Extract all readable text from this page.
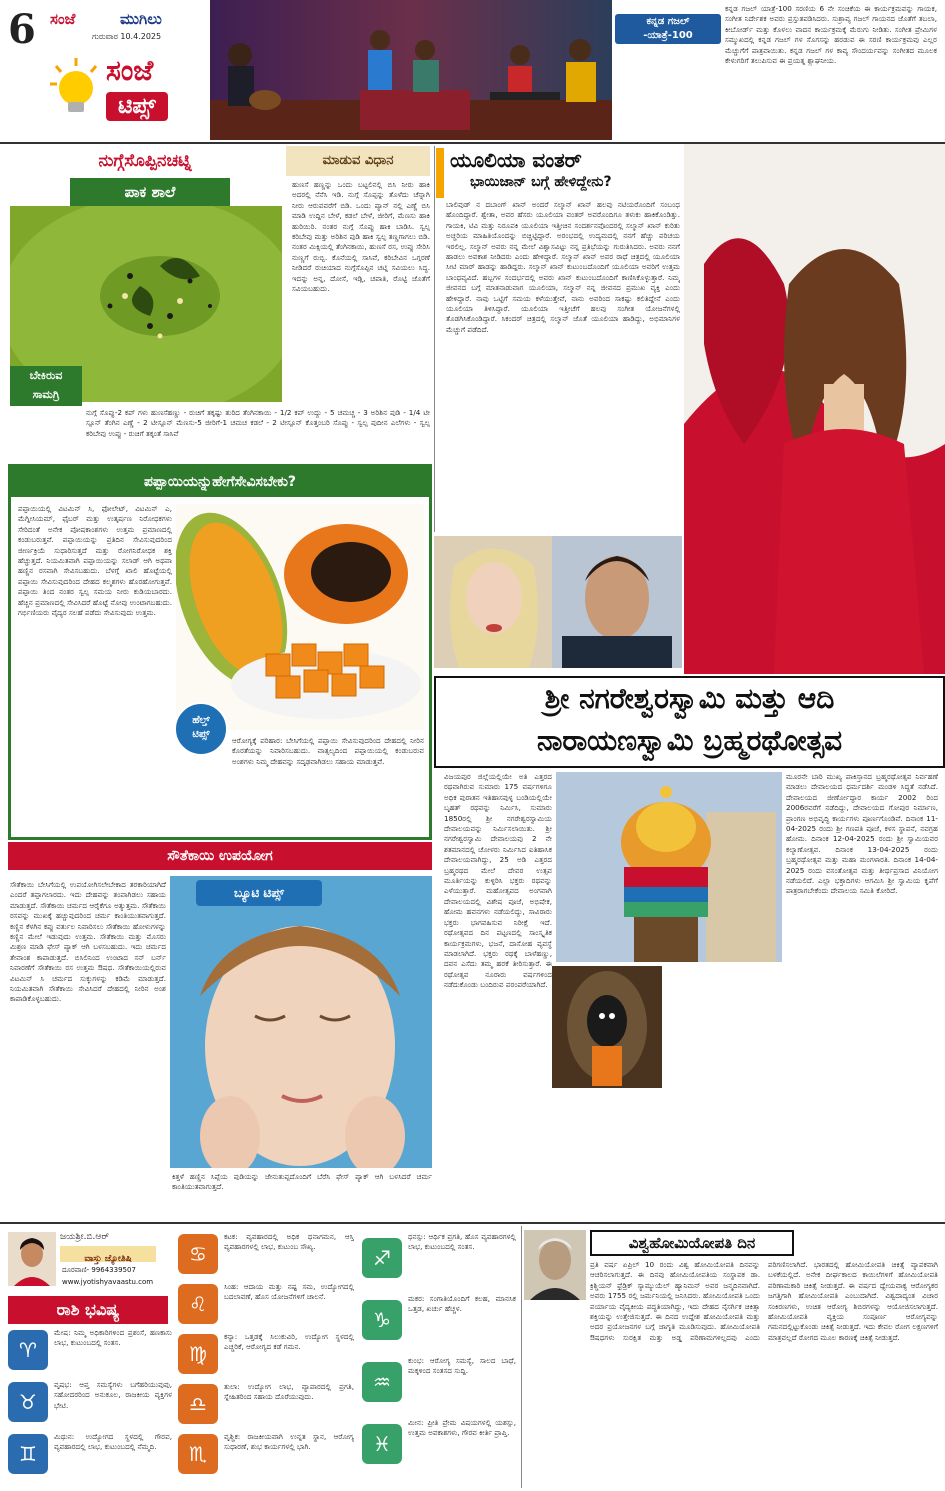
6 ಸಂಜೆ	ಮುಗಿಲು
ಗುರುವಾರ 10.4.2025
ಸಂಜೆ
ಟಿಪ್ಸ್
ಕನ್ನಡ ಗಜಲ್
-ಯಾತ್ರೆ-100
ಕನ್ನಡ ಗಜಲ್ ಯಾತ್ರೆ-100 ಸರಣಿಯ 6 ನೇ ಸಂಚಿಕೆಯ ಈ ಕಾರ್ಯಕ್ರಮವನ್ನು ಗಾಯಕ, ಸಂಗೀತ ನಿರ್ದೇಶಕ ಅವರು ಪ್ರಸ್ತುತಪಡಿಸಿದರು. ಸುಶ್ರಾವ್ಯ ಗಜಲ್ ಗಾಯನದ ಜೊತೆಗೆ ತಬಲಾ, ಕೀಬೋರ್ಡ್ ಮತ್ತು ಕೊಳಲು ವಾದನ ಕಾರ್ಯಕ್ರಮಕ್ಕೆ ಮೆರುಗು ನೀಡಿತು. ಸಂಗೀತ ಪ್ರೇಮಿಗಳ ಸಮ್ಮುಖದಲ್ಲಿ ಕನ್ನಡ ಗಜಲ್ ಗಳ ಸೊಗಸನ್ನು ಹರಡುವ ಈ ಸರಣಿ ಕಾರ್ಯಕ್ರಮವು ಎಲ್ಲರ ಮೆಚ್ಚುಗೆಗೆ ಪಾತ್ರವಾಯಿತು. ಕನ್ನಡ ಗಜಲ್ ಗಳ ಕಾವ್ಯ ಸೌಂದರ್ಯವನ್ನು ಸಂಗೀತದ ಮೂಲಕ ಕೇಳುಗರಿಗೆ ತಲುಪಿಸುವ ಈ ಪ್ರಯತ್ನ ಶ್ಲಾಘನೀಯ.
ನುಗ್ಗೆಸೊಪ್ಪಿನಚಟ್ನಿ
ಪಾಕ ಶಾಲೆ
ಬೇಕಿರುವ
ಸಾಮಗ್ರಿ
ನುಗ್ಗೆ ಸೊಪ್ಪು-2 ಕಪ್ ಗಳು ಹುಣಸೆಹಣ್ಣು - ರುಚಿಗೆ ತಕ್ಕಷ್ಟು ತುರಿದ ತೆಂಗಿನಕಾಯಿ - 1/2 ಕಪ್ ಉದ್ದು - 5 ಚಮಚ್ಚ - 3 ಅರಿಶಿನ ಪುಡಿ - 1/4 ಟೀ ಸ್ಪೂನ್ ತೆಂಗಿನ ಎಣ್ಣೆ - 2 ಟೀಸ್ಪೂನ್ ಮೆಣಸು-5 ಜೀರಿಗೆ-1 ಚಮಚ ಕಡಲೆ - 2 ಟೀಸ್ಪೂನ್ ಕೊತ್ತಂಬರಿ ಸೊಪ್ಪು - ಸ್ವಲ್ಪ ಪುದೀನ ಎಲೆಗಳು - ಸ್ವಲ್ಪ ಕರಿಬೇವು ಉಪ್ಪು - ರುಚಿಗೆ ತಕ್ಕಂತೆ ಸಾಸಿವೆ
ಮಾಡುವ ವಿಧಾನ
ಹುಣಸೆ ಹಣ್ಣನ್ನು ಒಂದು ಬಟ್ಟಲಿನಲ್ಲಿ ಬಿಸಿ ನೀರು ಹಾಕಿ ಅದರಲ್ಲಿ ನೆನೆಸಿ ಇಡಿ. ನುಗ್ಗೆ ಸೊಪ್ಪನ್ನು ತೊಳೆದು ಚೆನ್ನಾಗಿ ನೀರು ಆರುವವರೆಗೆ ಬಿಡಿ. ಒಂದು ಪ್ಯಾನ್ ನಲ್ಲಿ ಎಣ್ಣೆ ಬಿಸಿ ಮಾಡಿ ಉದ್ದಿನ ಬೇಳೆ, ಕಡಲೆ ಬೇಳೆ, ಜೀರಿಗೆ, ಮೆಣಸು ಹಾಕಿ ಹುರಿಯಿರಿ. ನಂತರ ನುಗ್ಗೆ ಸೊಪ್ಪು ಹಾಕಿ ಬಾಡಿಸಿ. ಸ್ವಲ್ಪ ಕರಿಬೇವು ಮತ್ತು ಅರಿಶಿನ ಪುಡಿ ಹಾಕಿ ಸ್ವಲ್ಪ ತಣ್ಣಗಾಗಲು ಬಿಡಿ. ನಂತರ ಮಿಕ್ಸಿಯಲ್ಲಿ ತೆಂಗಿನಕಾಯಿ, ಹುಣಸೆ ರಸ, ಉಪ್ಪು ಸೇರಿಸಿ ನುಣ್ಣಗೆ ರುಬ್ಬಿ. ಕೊನೆಯಲ್ಲಿ ಸಾಸಿವೆ, ಕರಿಬೇವಿನ ಒಗ್ಗರಣೆ ನೀಡಿದರೆ ರುಚಿಯಾದ ನುಗ್ಗೆಸೊಪ್ಪಿನ ಚಟ್ನಿ ಸವಿಯಲು ಸಿದ್ಧ. ಇದನ್ನು ಅನ್ನ, ದೋಸೆ, ಇಡ್ಲಿ, ಚಪಾತಿ, ರೊಟ್ಟಿ ಜೊತೆಗೆ ಸವಿಯಬಹುದು.
ಪಪ್ಪಾಯಿಯನ್ನುಹೇಗೆಸೇವಿಸಬೇಕು?
ಪಪ್ಪಾಯಿಯಲ್ಲಿ ವಿಟಮಿನ್ ಸಿ, ಫೋಲೇಟ್, ವಿಟಮಿನ್ ಎ, ಮೆಗ್ನೀಸಿಯಮ್, ಫೈಬರ್ ಮತ್ತು ಉತ್ಕರ್ಷಣ ನಿರೋಧಕಗಳು ಸೇರಿದಂತೆ ಅನೇಕ ಪೋಷಕಾಂಶಗಳು ಉತ್ತಮ ಪ್ರಮಾಣದಲ್ಲಿ ಕಂಡುಬರುತ್ತವೆ. ಪಪ್ಪಾಯಿಯನ್ನು ಪ್ರತಿದಿನ ಸೇವಿಸುವುದರಿಂದ ಜೀರ್ಣಕ್ರಿಯೆ ಸುಧಾರಿಸುತ್ತದೆ ಮತ್ತು ರೋಗನಿರೋಧಕ ಶಕ್ತಿ ಹೆಚ್ಚುತ್ತದೆ. ನಿಯಮಿತವಾಗಿ ಪಪ್ಪಾಯಿಯನ್ನು ಸಲಾಡ್ ಆಗಿ ಅಥವಾ ಹಣ್ಣಿನ ರಸವಾಗಿ ಸೇವಿಸಬಹುದು. ಬೆಳಗ್ಗೆ ಖಾಲಿ ಹೊಟ್ಟೆಯಲ್ಲಿ ಪಪ್ಪಾಯಿ ಸೇವಿಸುವುದರಿಂದ ದೇಹದ ಕಲ್ಮಶಗಳು ಹೊರಹೋಗುತ್ತವೆ. ಪಪ್ಪಾಯಿ ತಿಂದ ನಂತರ ಸ್ವಲ್ಪ ಸಮಯ ನೀರು ಕುಡಿಯಬಾರದು. ಹೆಚ್ಚಿನ ಪ್ರಮಾಣದಲ್ಲಿ ಸೇವಿಸಿದರೆ ಹೊಟ್ಟೆ ನೋವು ಉಂಟಾಗಬಹುದು. ಗರ್ಭಿಣಿಯರು ವೈದ್ಯರ ಸಲಹೆ ಪಡೆದು ಸೇವಿಸುವುದು ಉತ್ತಮ.
ಹೆಲ್ತ್
ಟಿಪ್ಸ್
ಆರೋಗ್ಯಕ್ಕೆ ಪರಿಹಾರ: ಬೇಸಿಗೆಯಲ್ಲಿ ಪಪ್ಪಾಯಿ ಸೇವಿಸುವುದರಿಂದ ದೇಹದಲ್ಲಿ ನೀರಿನ ಕೊರತೆಯನ್ನು ನಿವಾರಿಸಬಹುದು. ವಾತ್ಸಲ್ಯದಿಂದ ಪಪ್ಪಾಯಿಯಲ್ಲಿ ಕಂಡುಬರುವ ಅಂಶಗಳು ನಿಮ್ಮ ದೇಹವನ್ನು ಸದೃಢವಾಗಿಡಲು ಸಹಾಯ ಮಾಡುತ್ತವೆ.
ಯೂಲಿಯಾ ವಂತರ್
ಭಾಯಿಜಾನ್ ಬಗ್ಗೆ ಹೇಳಿದ್ದೇನು?
ಬಾಲಿವುಡ್ ನ ದಬಾಂಗ್ ಖಾನ್ ಅಂದರೆ ಸಲ್ಮಾನ್ ಖಾನ್ ಹಲವು ನಟಿಯರೊಂದಿಗೆ ಸಂಬಂಧ ಹೊಂದಿದ್ದಾರೆ. ಶ್ವೇತಾ, ಅವರ ಹೆಸರು ಯೂಲಿಯಾ ವಂತರ್ ಅವರೊಂದಿಗೂ ತಳುಕು ಹಾಕಿಕೊಂಡಿತ್ತು. ಗಾಯಕಿ, ಟಿವಿ ಮತ್ತು ನಿರೂಪಕಿ ಯೂಲಿಯಾ ಇತ್ತೀಚಿನ ಸಂದರ್ಶನವೊಂದರಲ್ಲಿ ಸಲ್ಮಾನ್ ಖಾನ್ ಕುರಿತು ಅಚ್ಚರಿಯ ಮಾಹಿತಿಯೊಂದನ್ನು ಬಿಚ್ಚಿಟ್ಟಿದ್ದಾರೆ. ಅರಂಭದಲ್ಲಿ ಉದ್ಯಮದಲ್ಲಿ ನನಗೆ ಹೆಚ್ಚು ಪರಿಚಯ ಇರಲಿಲ್ಲ. ಸಲ್ಮಾನ್ ಅವರು ನನ್ನ ಮೇಲೆ ವಿಶ್ವಾಸವಿಟ್ಟು ನನ್ನ ಪ್ರತಿಭೆಯನ್ನು ಗುರುತಿಸಿದರು. ಅವರು ನನಗೆ ಹಾಡಲು ಅವಕಾಶ ನೀಡಿದರು ಎಂದು ಹೇಳಿದ್ದಾರೆ. ಸಲ್ಮಾನ್ ಖಾನ್ ಅವರ ರಾಧೆ ಚಿತ್ರದಲ್ಲಿ ಯೂಲಿಯಾ ಸೀಟಿ ಮಾರ್ ಹಾಡನ್ನು ಹಾಡಿದ್ದರು. ಸಲ್ಮಾನ್ ಖಾನ್ ಕುಟುಂಬದೊಂದಿಗೆ ಯೂಲಿಯಾ ಅವರಿಗೆ ಉತ್ತಮ ಬಾಂಧವ್ಯವಿದೆ. ಹಬ್ಬಗಳ ಸಂದರ್ಭದಲ್ಲಿ ಅವರು ಖಾನ್ ಕುಟುಂಬದೊಂದಿಗೆ ಕಾಣಿಸಿಕೊಳ್ಳುತ್ತಾರೆ. ನಿಮ್ಮ ಜೀವನದ ಬಗ್ಗೆ ಮಾತನಾಡುವಾಗ ಯೂಲಿಯಾ, ಸಲ್ಮಾನ್ ನನ್ನ ಜೀವನದ ಪ್ರಮುಖ ವ್ಯಕ್ತಿ ಎಂದು ಹೇಳಿದ್ದಾರೆ. ನಾವು ಒಟ್ಟಿಗೆ ಸಮಯ ಕಳೆಯುತ್ತೇವೆ, ನಾನು ಅವರಿಂದ ಸಾಕಷ್ಟು ಕಲಿತಿದ್ದೇನೆ ಎಂದು ಯೂಲಿಯಾ ತಿಳಿಸಿದ್ದಾರೆ. ಯೂಲಿಯಾ ಇತ್ತೀಚೆಗೆ ಹಲವು ಸಂಗೀತ ಯೋಜನೆಗಳಲ್ಲಿ ತೊಡಗಿಸಿಕೊಂಡಿದ್ದಾರೆ. ಸಿಕಂದರ್ ಚಿತ್ರದಲ್ಲಿ ಸಲ್ಮಾನ್ ಜೊತೆ ಯೂಲಿಯಾ ಹಾಡಿದ್ದು, ಅಭಿಮಾನಿಗಳ ಮೆಚ್ಚುಗೆ ಪಡೆದಿದೆ.
ಶ್ರೀ ನಗರೇಶ್ವರಸ್ವಾಮಿ ಮತ್ತು ಆದಿ
ನಾರಾಯಣಸ್ವಾಮಿ ಬ್ರಹ್ಮರಥೋತ್ಸವ
ವಿಜಯಪುರ ಜಿಲ್ಲೆಯಲ್ಲಿಯೇ ಅತಿ ಎತ್ತರದ ರಥವಾಗಿರುವ ಸುಮಾರು 175 ವರ್ಷಗಳಿಗೂ ಅಧಿಕ ಪುರಾತನ ಇತಿಹಾಸವುಳ್ಳ ಬಂಡಿಯಲ್ಲಿಯೇ ಬೃಹತ್ ರಥವನ್ನು ನಿರ್ಮಿಸಿ, ಸುಮಾರು 1850ರಲ್ಲಿ ಶ್ರೀ ನಗರೇಶ್ವರಸ್ವಾಮಿಯ ದೇವಾಲಯವನ್ನು ನಿರ್ಮಿಸಲಾಯಿತು. ಶ್ರೀ ನಗರೇಶ್ವರಸ್ವಾಮಿ ದೇವಾಲಯವು 2 ನೇ ಶತಮಾನದಲ್ಲಿ ಚೋಳರು ನಿರ್ಮಿಸಿದ ಐತಿಹಾಸಿಕ ದೇವಾಲಯವಾಗಿದ್ದು, 25 ಅಡಿ ಎತ್ತರದ ಬ್ರಹ್ಮರಥದ ಮೇಲೆ ದೇವರ ಉತ್ಸವ ಮೂರ್ತಿಯನ್ನು ಕುಳ್ಳಿರಿಸಿ ಭಕ್ತರು ರಥವನ್ನು ಎಳೆಯುತ್ತಾರೆ. ಮಹೋತ್ಸವದ ಅಂಗವಾಗಿ ದೇವಾಲಯದಲ್ಲಿ ವಿಶೇಷ ಪೂಜೆ, ಅಭಿಷೇಕ, ಹೋಮ ಹವನಗಳು ನಡೆಯಲಿದ್ದು, ಸಾವಿರಾರು ಭಕ್ತರು ಭಾಗವಹಿಸುವ ನಿರೀಕ್ಷೆ ಇದೆ. ರಥೋತ್ಸವದ ದಿನ ಪಟ್ಟಣದಲ್ಲಿ ಸಾಂಸ್ಕೃತಿಕ ಕಾರ್ಯಕ್ರಮಗಳು, ಭಜನೆ, ದಾಸೋಹ ವ್ಯವಸ್ಥೆ ಮಾಡಲಾಗಿದೆ. ಭಕ್ತರು ರಥಕ್ಕೆ ಬಾಳೆಹಣ್ಣು, ದವನ ಎಸೆದು ತಮ್ಮ ಹರಕೆ ತೀರಿಸುತ್ತಾರೆ. ಈ ರಥೋತ್ಸವ ನೂರಾರು ವರ್ಷಗಳಿಂದ ನಡೆದುಕೊಂಡು ಬಂದಿರುವ ಪರಂಪರೆಯಾಗಿದೆ.
ಮೂರನೇ ಬಾರಿ ಮುಖ್ಯ ಪಾಕಿಸ್ತಾನದ ಬ್ರಹ್ಮರಥೋತ್ಸವ ನಿರ್ವಹಣೆ ಮಾಡಲು ದೇವಾಲಯದ ಧರ್ಮದರ್ಶಿ ಮಂಡಳಿ ಸಿದ್ಧತೆ ನಡೆಸಿದೆ. ದೇವಾಲಯದ ಜೀರ್ಣೋದ್ಧಾರ ಕಾರ್ಯ 2002 ರಿಂದ 2006ರವರೆಗೆ ನಡೆದಿದ್ದು, ದೇವಾಲಯದ ಗೋಪುರ ನಿರ್ಮಾಣ, ಪ್ರಾಂಗಣ ಅಭಿವೃದ್ಧಿ ಕಾರ್ಯಗಳು ಪೂರ್ಣಗೊಂಡಿವೆ. ದಿನಾಂಕ 11-04-2025 ರಂದು ಶ್ರೀ ಗಣಪತಿ ಪೂಜೆ, ಕಳಸ ಸ್ಥಾಪನೆ, ನವಗ್ರಹ ಹೋಮ. ದಿನಾಂಕ 12-04-2025 ರಂದು ಶ್ರೀ ಸ್ವಾಮಿಯವರ ಕಲ್ಯಾಣೋತ್ಸವ. ದಿನಾಂಕ 13-04-2025 ರಂದು ಬ್ರಹ್ಮರಥೋತ್ಸವ ಮತ್ತು ಮಹಾ ಮಂಗಳಾರತಿ. ದಿನಾಂಕ 14-04-2025 ರಂದು ವಸಂತೋತ್ಸವ ಮತ್ತು ತೀರ್ಥಪ್ರಸಾದ ವಿನಿಯೋಗ ನಡೆಯಲಿದೆ. ಎಲ್ಲಾ ಭಕ್ತಾದಿಗಳು ಆಗಮಿಸಿ ಶ್ರೀ ಸ್ವಾಮಿಯ ಕೃಪೆಗೆ ಪಾತ್ರರಾಗಬೇಕೆಂದು ದೇವಾಲಯ ಸಮಿತಿ ಕೋರಿದೆ.
ಸೌತೆಕಾಯಿ ಉಪಯೋಗ
ಸೌತೆಕಾಯಿ ಬೇಸಿಗೆಯಲ್ಲಿ ಉಪಯೋಗಿಸಲೇಬೇಕಾದ ತರಕಾರಿಯಾಗಿದೆ ಎಂದರೆ ತಪ್ಪಾಗಲಾರದು. ಇದು ದೇಹವನ್ನು ತಂಪಾಗಿಡಲು ಸಹಾಯ ಮಾಡುತ್ತದೆ. ಸೌತೆಕಾಯಿ ಚರ್ಮದ ಆರೈಕೆಗೂ ಅತ್ಯುತ್ತಮ. ಸೌತೆಕಾಯಿ ರಸವನ್ನು ಮುಖಕ್ಕೆ ಹಚ್ಚುವುದರಿಂದ ಚರ್ಮ ಕಾಂತಿಯುತವಾಗುತ್ತದೆ. ಕಣ್ಣಿನ ಕೆಳಗಿನ ಕಪ್ಪು ವರ್ತುಲ ನಿವಾರಿಸಲು ಸೌತೆಕಾಯಿ ಹೋಳುಗಳನ್ನು ಕಣ್ಣಿನ ಮೇಲೆ ಇಡುವುದು ಉತ್ತಮ. ಸೌತೆಕಾಯಿ ಮತ್ತು ಮೊಸರು ಮಿಶ್ರಣ ಮಾಡಿ ಫೇಸ್ ಪ್ಯಾಕ್ ಆಗಿ ಬಳಸಬಹುದು. ಇದು ಚರ್ಮದ ತೇವಾಂಶ ಕಾಪಾಡುತ್ತದೆ. ಬಿಸಿಲಿನಿಂದ ಉಂಟಾದ ಸನ್ ಬರ್ನ್ ನಿವಾರಣೆಗೆ ಸೌತೆಕಾಯಿ ರಸ ಉತ್ತಮ ಔಷಧ. ಸೌತೆಕಾಯಿಯಲ್ಲಿರುವ ವಿಟಮಿನ್ ಸಿ ಚರ್ಮದ ಸುಕ್ಕುಗಳನ್ನು ಕಡಿಮೆ ಮಾಡುತ್ತದೆ. ನಿಯಮಿತವಾಗಿ ಸೌತೆಕಾಯಿ ಸೇವಿಸಿದರೆ ದೇಹದಲ್ಲಿ ನೀರಿನ ಅಂಶ ಕಾಪಾಡಿಕೊಳ್ಳಬಹುದು.
ಬ್ಯೂಟಿ ಟಿಪ್ಸ್
ಕಿತ್ತಳೆ ಹಣ್ಣಿನ ಸಿಪ್ಪೆಯ ಪುಡಿಯನ್ನು ಜೇನುತುಪ್ಪದೊಂದಿಗೆ ಬೆರೆಸಿ ಫೇಸ್ ಪ್ಯಾಕ್ ಆಗಿ ಬಳಸಿದರೆ ಚರ್ಮ ಕಾಂತಿಯುತವಾಗುತ್ತದೆ.
ಜಯಶ್ರೀ.ಬಿ.ಆರ್
ವಾಸ್ತು ಜ್ಯೋತಿಷಿ
ದೂರವಾಣಿ- 9964339507
www.jyotishyavaastu.com
ರಾಶಿ ಭವಿಷ್ಯ
♈
ಮೇಷ
ಮೇಷ: ನಿಮ್ಮ ಅಧಿಕಾರಿಗಳಿಂದ ಪ್ರಶಂಸೆ, ಹಣಕಾಸು ಲಾಭ, ಕುಟುಂಬದಲ್ಲಿ ಸಂತಸ.
♉
ವೃಷಭ
ವೃಷಭ: ಆಪ್ತ ಸಮಸ್ಯೆಗಳು ಬಗೆಹರಿಯುವುವು, ಸಹೋದರರಿಂದ ಅನುಕೂಲ, ರಾಜಕೀಯ ವ್ಯಕ್ತಿಗಳ ಭೇಟಿ.
♊
ಮಿಥುನ
ಮಿಥುನ: ಉದ್ಯೋಗದ ಸ್ಥಳದಲ್ಲಿ ಗೌರವ, ವ್ಯವಹಾರದಲ್ಲಿ ಲಾಭ, ಕುಟುಂಬದಲ್ಲಿ ನೆಮ್ಮದಿ.
♋
ಕಟಕ
ಕಟಕ: ವ್ಯವಹಾರದಲ್ಲಿ ಅಧಿಕ ಧನಾಗಮನ, ಆಸ್ತಿ ವ್ಯವಹಾರಗಳಲ್ಲಿ ಲಾಭ, ಕುಟುಂಬ ಸೌಖ್ಯ.
♌
ಸಿಂಹ
ಸಿಂಹ: ಆದಾಯ ಮತ್ತು ನಷ್ಟ ಸಮ, ಉದ್ಯೋಗದಲ್ಲಿ ಬದಲಾವಣೆ, ಹೊಸ ಯೋಜನೆಗಳಿಗೆ ಚಾಲನೆ.
♍
ಕನ್ಯಾ
ಕನ್ಯಾ: ಒತ್ತಡಕ್ಕೆ ಸಿಲುಕುವಿರಿ, ಉದ್ಯೋಗ ಸ್ಥಳದಲ್ಲಿ ಎಚ್ಚರಿಕೆ, ಆರೋಗ್ಯದ ಕಡೆ ಗಮನ.
♎
ತುಲಾ
ತುಲಾ: ಉದ್ಯೋಗ ಲಾಭ, ವ್ಯಾಪಾರದಲ್ಲಿ ಪ್ರಗತಿ, ಸ್ನೇಹಿತರಿಂದ ಸಹಾಯ ದೊರೆಯುವುದು.
♏
ವೃಶ್ಚಿಕ
ವೃಶ್ಚಿಕ: ರಾಜಕೀಯವಾಗಿ ಉನ್ನತ ಸ್ಥಾನ, ಆರೋಗ್ಯ ಸುಧಾರಣೆ, ಶುಭ ಕಾರ್ಯಗಳಲ್ಲಿ ಭಾಗಿ.
♐
ಧನಸ್ಸು
ಧನಸ್ಸು: ಆರ್ಥಿಕ ಪ್ರಗತಿ, ಹೊಸ ವ್ಯವಹಾರಗಳಲ್ಲಿ ಲಾಭ, ಕುಟುಂಬದಲ್ಲಿ ಸಂತಸ.
♑
ಮಕರ
ಮಕರ: ಸಂಗಾತಿಯೊಂದಿಗೆ ಕಲಹ, ಮಾನಸಿಕ ಒತ್ತಡ, ಖರ್ಚು ಹೆಚ್ಚಳ.
♒
ಕುಂಭ
ಕುಂಭ: ಆರೋಗ್ಯ ಸಮಸ್ಯೆ, ಸಾಲದ ಬಾಧೆ, ಮಕ್ಕಳಿಂದ ಸಂತಸದ ಸುದ್ದಿ.
♓
ಮೀನ
ಮೀನ: ಪ್ರೀತಿ ಪ್ರೇಮ ವಿಷಯಗಳಲ್ಲಿ ಯಶಸ್ಸು, ಉತ್ತಮ ಅವಕಾಶಗಳು, ಗೌರವ ಕೀರ್ತಿ ಪ್ರಾಪ್ತಿ.
ವಿಶ್ವಹೋಮಿಯೋಪತಿ ದಿನ
ಪ್ರತಿ ವರ್ಷ ಏಪ್ರಿಲ್ 10 ರಂದು ವಿಶ್ವ ಹೋಮಿಯೋಪತಿ ದಿನವನ್ನು ಆಚರಿಸಲಾಗುತ್ತದೆ. ಈ ದಿನವು ಹೋಮಿಯೋಪತಿಯ ಸಂಸ್ಥಾಪಕ ಡಾ. ಕ್ರಿಶ್ಚಿಯನ್ ಫ್ರೆಡ್ರಿಕ್ ಸ್ಯಾಮ್ಯುಯೆಲ್ ಹ್ಯಾನಿಮನ್ ಅವರ ಜನ್ಮದಿನವಾಗಿದೆ. ಅವರು 1755 ರಲ್ಲಿ ಜರ್ಮನಿಯಲ್ಲಿ ಜನಿಸಿದರು. ಹೋಮಿಯೋಪತಿ ಒಂದು ಪರ್ಯಾಯ ವೈದ್ಯಕೀಯ ಪದ್ಧತಿಯಾಗಿದ್ದು, ಇದು ದೇಹದ ನೈಸರ್ಗಿಕ ಚಿಕಿತ್ಸಾ ಶಕ್ತಿಯನ್ನು ಉತ್ತೇಜಿಸುತ್ತದೆ. ಈ ದಿನದ ಉದ್ದೇಶ ಹೋಮಿಯೋಪತಿ ಮತ್ತು ಅದರ ಪ್ರಯೋಜನಗಳ ಬಗ್ಗೆ ಜಾಗೃತಿ ಮೂಡಿಸುವುದು. ಹೋಮಿಯೋಪತಿ ಔಷಧಗಳು ಸುರಕ್ಷಿತ ಮತ್ತು ಅಡ್ಡ ಪರಿಣಾಮಗಳಿಲ್ಲದವು ಎಂದು ಪರಿಗಣಿಸಲಾಗಿದೆ. ಭಾರತದಲ್ಲಿ ಹೋಮಿಯೋಪತಿ ಚಿಕಿತ್ಸೆ ವ್ಯಾಪಕವಾಗಿ ಬಳಕೆಯಲ್ಲಿದೆ. ಅನೇಕ ದೀರ್ಘಕಾಲದ ಕಾಯಿಲೆಗಳಿಗೆ ಹೋಮಿಯೋಪತಿ ಪರಿಣಾಮಕಾರಿ ಚಿಕಿತ್ಸೆ ನೀಡುತ್ತದೆ. ಈ ವರ್ಷದ ಧ್ಯೇಯವಾಕ್ಯ ಆರೋಗ್ಯಕರ ಜಗತ್ತಿಗಾಗಿ ಹೋಮಿಯೋಪತಿ ಎಂಬುದಾಗಿದೆ. ವಿಶ್ವದಾದ್ಯಂತ ವಿಚಾರ ಸಂಕಿರಣಗಳು, ಉಚಿತ ಆರೋಗ್ಯ ಶಿಬಿರಗಳನ್ನು ಆಯೋಜಿಸಲಾಗುತ್ತದೆ. ಹೋಮಿಯೋಪತಿ ವ್ಯಕ್ತಿಯ ಸಂಪೂರ್ಣ ಆರೋಗ್ಯವನ್ನು ಗಮನದಲ್ಲಿಟ್ಟುಕೊಂಡು ಚಿಕಿತ್ಸೆ ನೀಡುತ್ತದೆ. ಇದು ಕೇವಲ ರೋಗ ಲಕ್ಷಣಗಳಿಗೆ ಮಾತ್ರವಲ್ಲದೆ ರೋಗದ ಮೂಲ ಕಾರಣಕ್ಕೆ ಚಿಕಿತ್ಸೆ ನೀಡುತ್ತದೆ.
